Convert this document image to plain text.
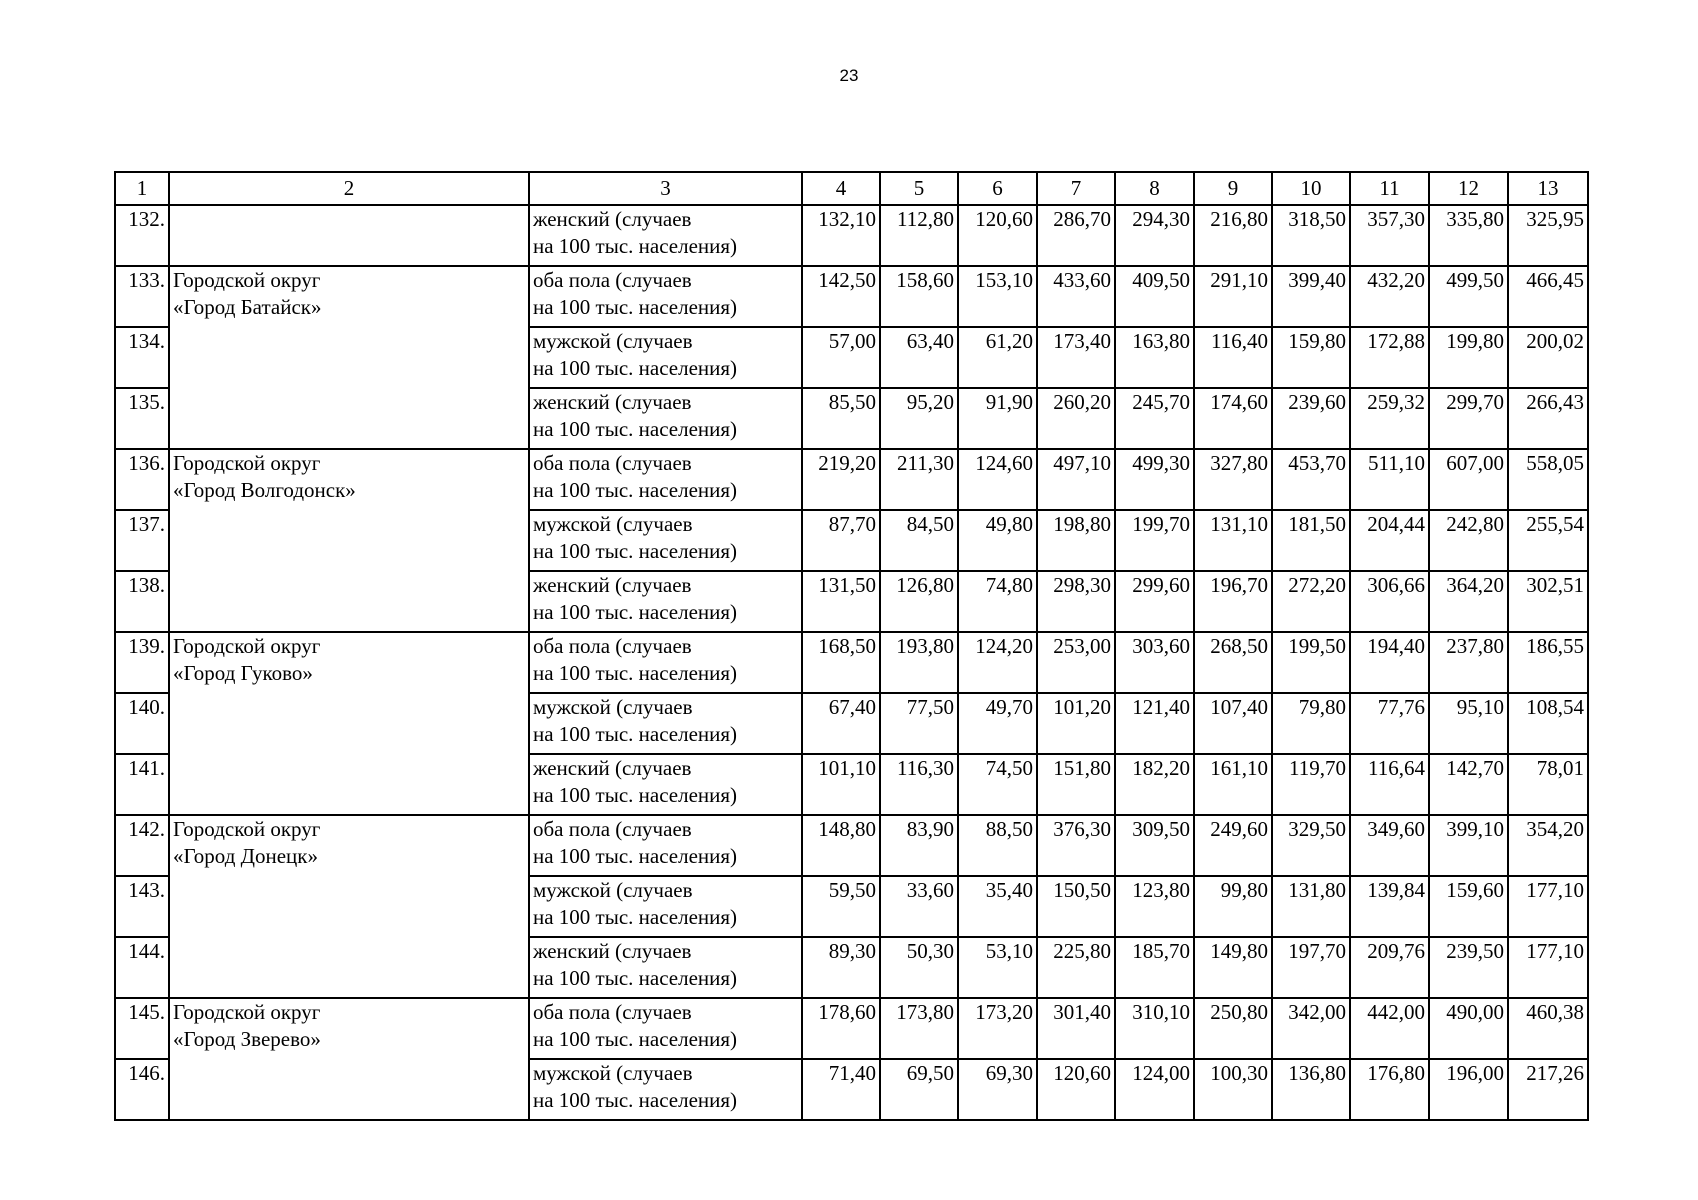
23
1	2	3	4	5	6	7	8	9	10	11	12	13
132.		женский (случаев
на 100 тыс. населения)	132,10	112,80	120,60	286,70	294,30	216,80	318,50	357,30	335,80	325,95
133.	Городской округ
«Город Батайск»	оба пола (случаев
на 100 тыс. населения)	142,50	158,60	153,10	433,60	409,50	291,10	399,40	432,20	499,50	466,45
134.		мужской (случаев
на 100 тыс. населения)	57,00	63,40	61,20	173,40	163,80	116,40	159,80	172,88	199,80	200,02
135.		женский (случаев
на 100 тыс. населения)	85,50	95,20	91,90	260,20	245,70	174,60	239,60	259,32	299,70	266,43
136.	Городской округ
«Город Волгодонск»	оба пола (случаев
на 100 тыс. населения)	219,20	211,30	124,60	497,10	499,30	327,80	453,70	511,10	607,00	558,05
137.		мужской (случаев
на 100 тыс. населения)	87,70	84,50	49,80	198,80	199,70	131,10	181,50	204,44	242,80	255,54
138.		женский (случаев
на 100 тыс. населения)	131,50	126,80	74,80	298,30	299,60	196,70	272,20	306,66	364,20	302,51
139.	Городской округ
«Город Гуково»	оба пола (случаев
на 100 тыс. населения)	168,50	193,80	124,20	253,00	303,60	268,50	199,50	194,40	237,80	186,55
140.		мужской (случаев
на 100 тыс. населения)	67,40	77,50	49,70	101,20	121,40	107,40	79,80	77,76	95,10	108,54
141.		женский (случаев
на 100 тыс. населения)	101,10	116,30	74,50	151,80	182,20	161,10	119,70	116,64	142,70	78,01
142.	Городской округ
«Город Донецк»	оба пола (случаев
на 100 тыс. населения)	148,80	83,90	88,50	376,30	309,50	249,60	329,50	349,60	399,10	354,20
143.		мужской (случаев
на 100 тыс. населения)	59,50	33,60	35,40	150,50	123,80	99,80	131,80	139,84	159,60	177,10
144.		женский (случаев
на 100 тыс. населения)	89,30	50,30	53,10	225,80	185,70	149,80	197,70	209,76	239,50	177,10
145.	Городской округ
«Город Зверево»	оба пола (случаев
на 100 тыс. населения)	178,60	173,80	173,20	301,40	310,10	250,80	342,00	442,00	490,00	460,38
146.		мужской (случаев
на 100 тыс. населения)	71,40	69,50	69,30	120,60	124,00	100,30	136,80	176,80	196,00	217,26
